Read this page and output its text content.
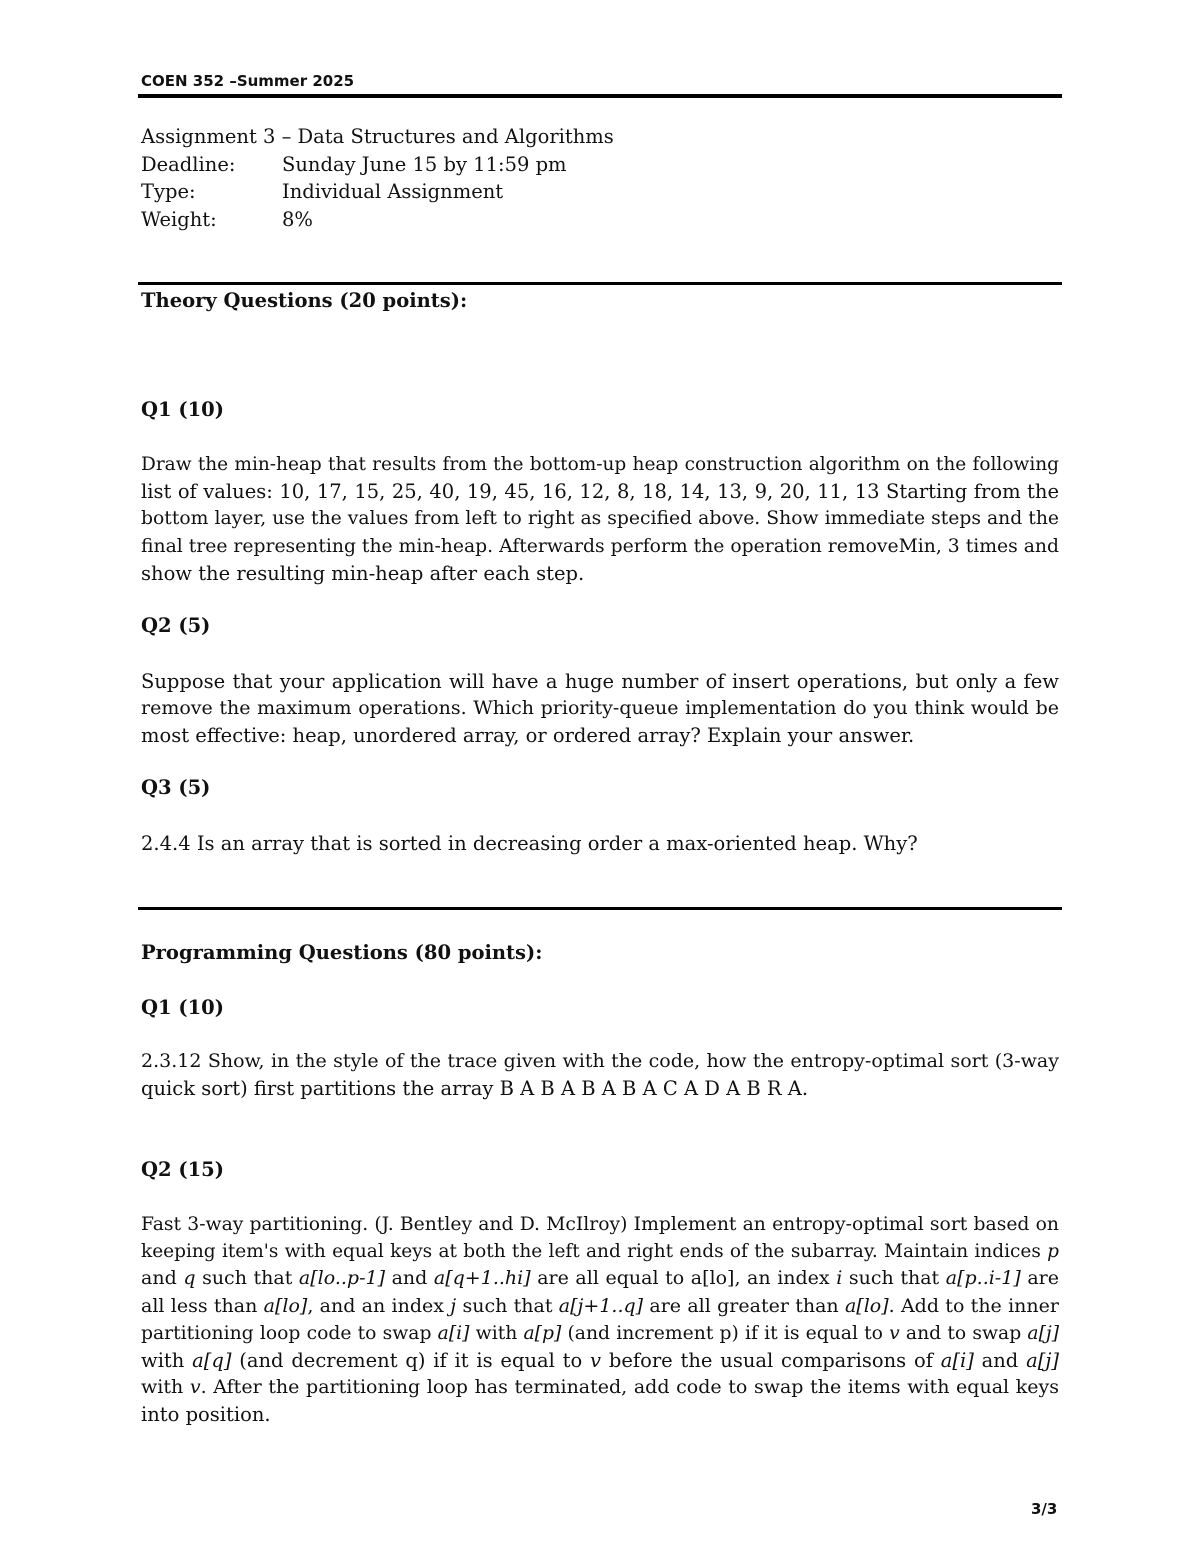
COEN 352 –Summer 2025
Assignment 3 – Data Structures and Algorithms
Deadline:	Sunday June 15 by 11:59 pm
Type:	Individual Assignment
Weight:	8%
Theory Questions (20 points):
Q1 (10)
Draw the min-heap that results from the bottom-up heap construction algorithm on the following
list of values: 10, 17, 15, 25, 40, 19, 45, 16, 12, 8, 18, 14, 13, 9, 20, 11, 13 Starting from the
bottom layer, use the values from left to right as specified above. Show immediate steps and the
final tree representing the min-heap. Afterwards perform the operation removeMin, 3 times and
show the resulting min-heap after each step.
Q2 (5)
Suppose that your application will have a huge number of insert operations, but only a few
remove the maximum operations. Which priority-queue implementation do you think would be
most effective: heap, unordered array, or ordered array? Explain your answer.
Q3 (5)
2.4.4 Is an array that is sorted in decreasing order a max-oriented heap. Why?
Programming Questions (80 points):
Q1 (10)
2.3.12 Show, in the style of the trace given with the code, how the entropy-optimal sort (3-way
quick sort) first partitions the array B A B A B A B A C A D A B R A.
Q2 (15)
Fast 3-way partitioning. (J. Bentley and D. McIlroy) Implement an entropy-optimal sort based on
keeping item's with equal keys at both the left and right ends of the subarray. Maintain indices p
and q such that a[lo..p-1] and a[q+1..hi] are all equal to a[lo], an index i such that a[p..i-1] are
all less than a[lo], and an index j such that a[j+1..q] are all greater than a[lo]. Add to the inner
partitioning loop code to swap a[i] with a[p] (and increment p) if it is equal to v and to swap a[j]
with a[q] (and decrement q) if it is equal to v before the usual comparisons of a[i] and a[j]
with v. After the partitioning loop has terminated, add code to swap the items with equal keys
into position.
3/3
